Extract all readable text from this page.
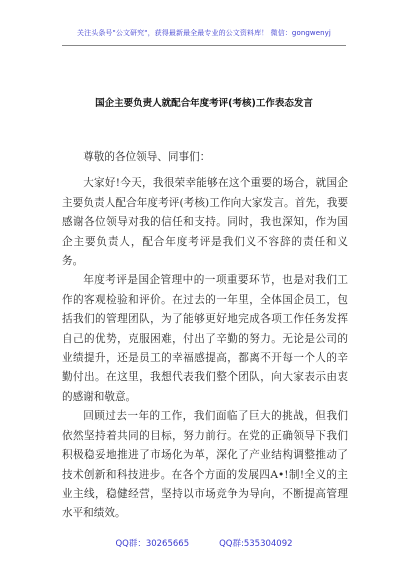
关注头条号"公文研究"，获得最新最全最专业的公文资料库！ 微信：gongwenyj
国企主要负责人就配合年度考评(考核)工作表态发言

尊敬的各位领导、同事们：

大家好!今天，我很荣幸能够在这个重要的场合，就国企主要负责人配合年度考评(考核)工作向大家发言。首先，我要感谢各位领导对我的信任和支持。同时，我也深知，作为国企主要负责人，配合年度考评是我们义不容辞的责任和义务。

年度考评是国企管理中的一项重要环节，也是对我们工作的客观检验和评价。在过去的一年里，全体国企员工，包括我们的管理团队，为了能够更好地完成各项工作任务发挥自己的优势，克服困难，付出了辛勤的努力。无论是公司的业绩提升，还是员工的幸福感提高，都离不开每一个人的辛勤付出。在这里，我想代表我们整个团队，向大家表示由衷的感谢和敬意。

回顾过去一年的工作，我们面临了巨大的挑战，但我们依然坚持着共同的目标，努力前行。在党的正确领导下我们积极稳妥地推进了市场化为革，深化了产业结构调整推动了技术创新和科技进步。在各个方面的发展四A•!制!全义的主业主线，稳健经营，坚持以市场竞争为导向，不断提高管理水平和绩效。

QQ群：30265665	QQ群:535304092
